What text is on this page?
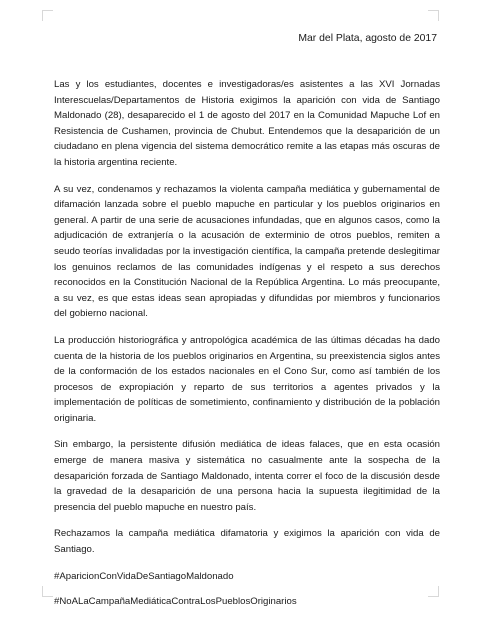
Mar del Plata, agosto de 2017

Las y los estudiantes, docentes e investigadoras/es asistentes a las XVI Jornadas Interescuelas/Departamentos de Historia exigimos la aparición con vida de Santiago Maldonado (28), desaparecido el 1 de agosto del 2017 en la Comunidad Mapuche Lof en Resistencia de Cushamen, provincia de Chubut. Entendemos que la desaparición de un ciudadano en plena vigencia del sistema democrático remite a las etapas más oscuras de la historia argentina reciente.

A su vez, condenamos y rechazamos la violenta campaña mediática y gubernamental de difamación lanzada sobre el pueblo mapuche en particular y los pueblos originarios en general. A partir de una serie de acusaciones infundadas, que en algunos casos, como la adjudicación de extranjería o la acusación de exterminio de otros pueblos, remiten a seudo teorías invalidadas por la investigación científica, la campaña pretende deslegitimar los genuinos reclamos de las comunidades indígenas y el respeto a sus derechos reconocidos en la Constitución Nacional de la República Argentina. Lo más preocupante, a su vez, es que estas ideas sean apropiadas y difundidas por miembros y funcionarios del gobierno nacional.

La producción historiográfica y antropológica académica de las últimas décadas ha dado cuenta de la historia de los pueblos originarios en Argentina, su preexistencia siglos antes de la conformación de los estados nacionales en el Cono Sur, como así también de los procesos de expropiación y reparto de sus territorios a agentes privados y la implementación de políticas de sometimiento, confinamiento y distribución de la población originaria.

Sin embargo, la persistente difusión mediática de ideas falaces, que en esta ocasión emerge de manera masiva y sistemática no casualmente ante la sospecha de la desaparición forzada de Santiago Maldonado, intenta correr el foco de la discusión desde la gravedad de la desaparición de una persona hacia la supuesta ilegitimidad de la presencia del pueblo mapuche en nuestro país.

Rechazamos la campaña mediática difamatoria y exigimos la aparición con vida de Santiago.

#AparicionConVidaDeSantiagoMaldonado

#NoALaCampañaMediáticaContraLosPueblosOriginarios
